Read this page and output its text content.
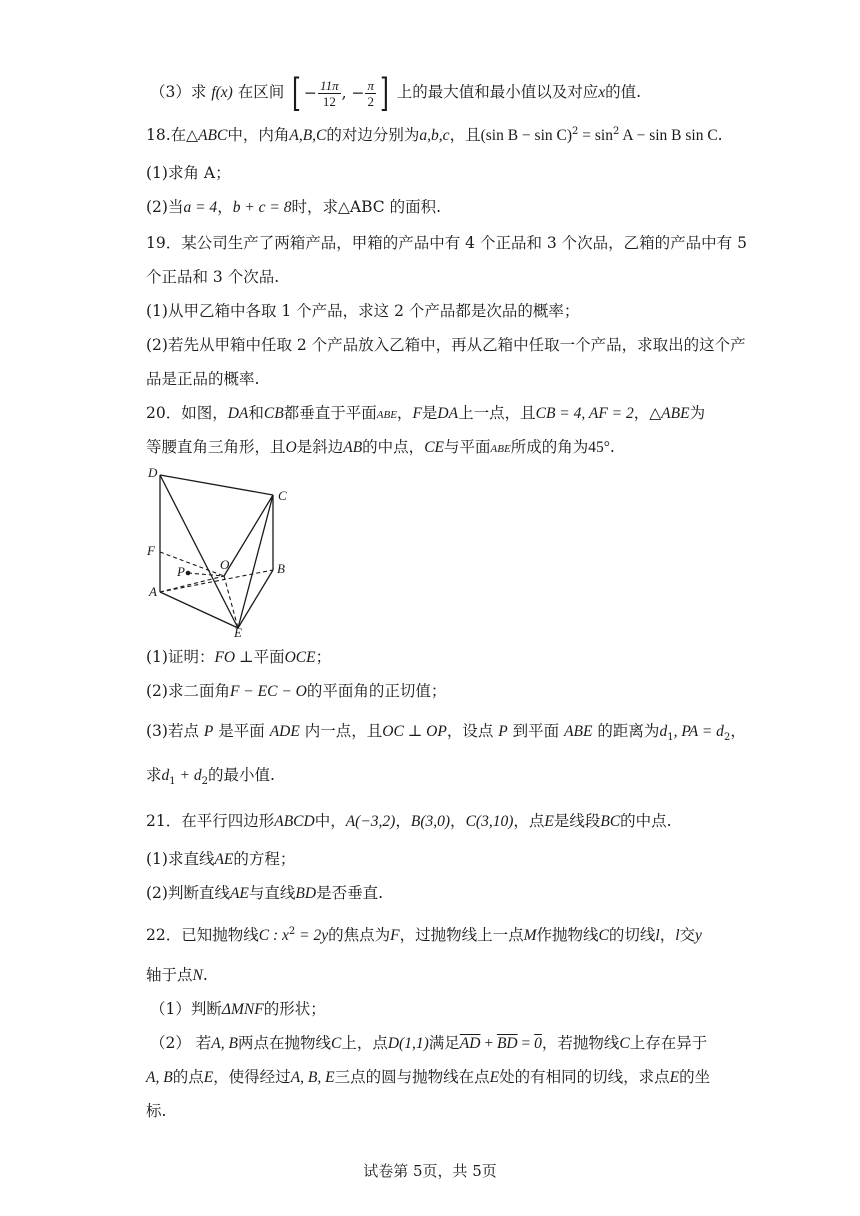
（3）求 f(x) 在区间 [ − $\frac{11\pi}{12}$ , − $\frac{\pi}{2}$ ] 上的最大值和最小值以及对应x的值.
18.在△ABC中，内角A,B,C的对边分别为a,b,c，且(sin $B - \sin C)^2 = \sin^2 A - \sin B$ sin C.
(1)求角 A；
(2)当a = 4，b + c = 8时，求△ABC 的面积.
19．某公司生产了两箱产品，甲箱的产品中有 4 个正品和 3 个次品，乙箱的产品中有 5
个正品和 3 个次品.
(1)从甲乙箱中各取 1 个产品，求这 2 个产品都是次品的概率；
(2)若先从甲箱中任取 2 个产品放入乙箱中，再从乙箱中任取一个产品，求取出的这个产
品是正品的概率.
20．如图，DA和CB都垂直于平面ABE，F是DA上一点，且CB = 4, AF = 2，△ABE为
等腰直角三角形，且O是斜边AB的中点，CE与平面ABE所成的角为45°.
D
C
F
O
P	B
A
E
(1)证明：FO ⊥平面OCE；
(2)求二面角F − EC − O的平面角的正切值；
(3)若点 P 是平面 ADE 内一点，且OC ⊥ OP，设点 P 到平面 ABE 的距离为$d_1$, PA = $d_2$，
求$d_1 + d_2$的最小值.
21．在平行四边形ABCD中，A(−3,2)，B(3,0)，C(3,10)，点E是线段BC的中点.
(1)求直线AE的方程；
(2)判断直线AE与直线BD是否垂直.
22．已知抛物线C : $x^2 = 2y$的焦点为F，过抛物线上一点M作抛物线C的切线l，l交y
轴于点N.
（1）判断ΔMNF的形状；
（2） 若A, B两点在抛物线C上，点D(1,1)满足$\overline{AD} + \overline{BD} = 0$，若抛物线C上存在异于
A, B的点E，使得经过A, B, E三点的圆与抛物线在点E处的有相同的切线，求点E的坐
标.
试卷第 5页，共 5页
